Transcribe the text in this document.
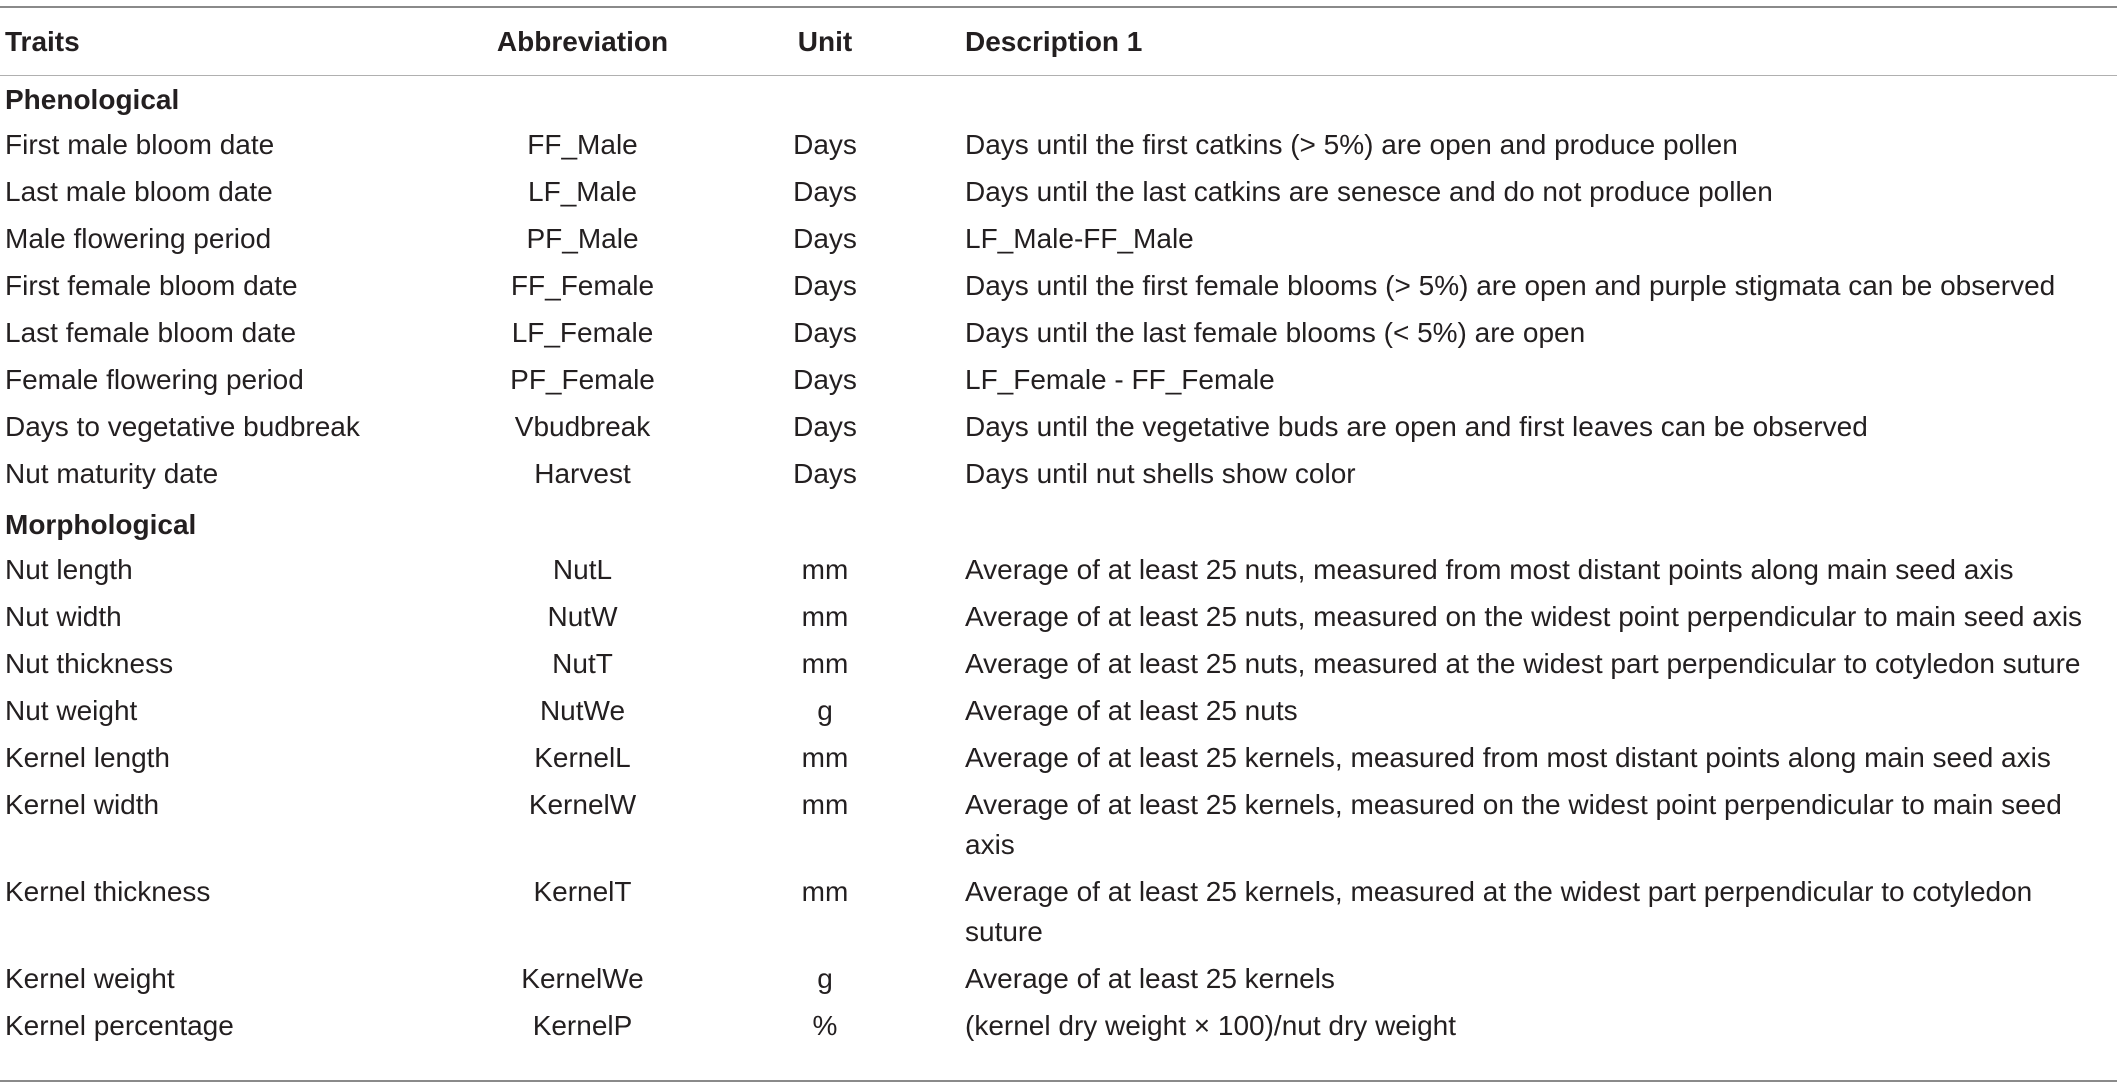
Traits	Abbreviation	Unit	Description 1
Phenological			
First male bloom date	FF_Male	Days	Days until the first catkins (> 5%) are open and produce pollen
Last male bloom date	LF_Male	Days	Days until the last catkins are senesce and do not produce pollen
Male flowering period	PF_Male	Days	LF_Male-FF_Male
First female bloom date	FF_Female	Days	Days until the first female blooms (> 5%) are open and purple stigmata can be observed
Last female bloom date	LF_Female	Days	Days until the last female blooms (< 5%) are open
Female flowering period	PF_Female	Days	LF_Female - FF_Female
Days to vegetative budbreak	Vbudbreak	Days	Days until the vegetative buds are open and first leaves can be observed
Nut maturity date	Harvest	Days	Days until nut shells show color
Morphological			
Nut length	NutL	mm	Average of at least 25 nuts, measured from most distant points along main seed axis
Nut width	NutW	mm	Average of at least 25 nuts, measured on the widest point perpendicular to main seed axis
Nut thickness	NutT	mm	Average of at least 25 nuts, measured at the widest part perpendicular to cotyledon suture
Nut weight	NutWe	g	Average of at least 25 nuts
Kernel length	KernelL	mm	Average of at least 25 kernels, measured from most distant points along main seed axis
Kernel width	KernelW	mm	Average of at least 25 kernels, measured on the widest point perpendicular to main seed axis
Kernel thickness	KernelT	mm	Average of at least 25 kernels, measured at the widest part perpendicular to cotyledon suture
Kernel weight	KernelWe	g	Average of at least 25 kernels
Kernel percentage	KernelP	%	(kernel dry weight × 100)/nut dry weight
